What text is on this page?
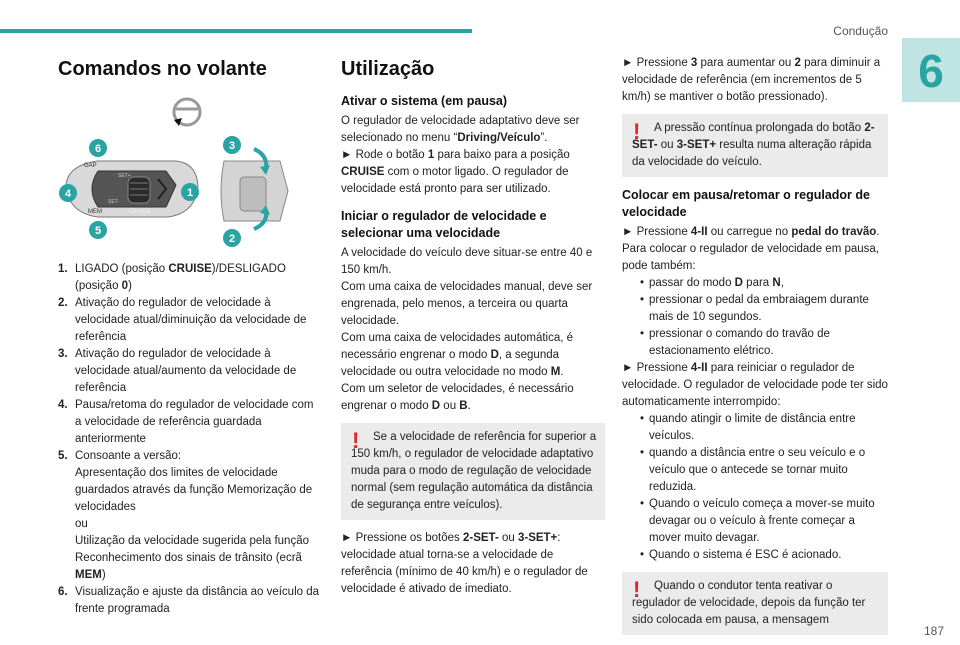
Condução
6
Comandos no volante
GAP
MEM	CRUISE
SET+
SET-
6
4
5
1
3
2
1. LIGADO (posição CRUISE)/DESLIGADO (posição 0)
2. Ativação do regulador de velocidade à velocidade atual/diminuição da velocidade de referência
3. Ativação do regulador de velocidade à velocidade atual/aumento da velocidade de referência
4. Pausa/retoma do regulador de velocidade com a velocidade de referência guardada anteriormente
5. Consoante a versão:
Apresentação dos limites de velocidade guardados através da função Memorização de velocidades
ou
Utilização da velocidade sugerida pela função Reconhecimento dos sinais de trânsito (ecrã MEM)
6. Visualização e ajuste da distância ao veículo da frente programada
Utilização
Ativar o sistema (em pausa)

O regulador de velocidade adaptativo deve ser selecionado no menu “Driving/Veículo”.

► Rode o botão 1 para baixo para a posição CRUISE com o motor ligado. O regulador de velocidade está pronto para ser utilizado.

Iniciar o regulador de velocidade e selecionar uma velocidade

A velocidade do veículo deve situar-se entre 40 e 150 km/h.

Com uma caixa de velocidades manual, deve ser engrenada, pelo menos, a terceira ou quarta velocidade.

Com uma caixa de velocidades automática, é necessário engrenar o modo D, a segunda velocidade ou outra velocidade no modo M.

Com um seletor de velocidades, é necessário engrenar o modo D ou B.

!	Se a velocidade de referência for superior a 150 km/h, o regulador de velocidade adaptativo muda para o modo de regulação de velocidade normal (sem regulação automática da distância de segurança entre veículos).

► Pressione os botões 2-SET- ou 3-SET+: velocidade atual torna-se a velocidade de referência (mínimo de 40 km/h) e o regulador de velocidade é ativado de imediato.

► Pressione 3 para aumentar ou 2 para diminuir a velocidade de referência (em incrementos de 5 km/h) se mantiver o botão pressionado).

!	A pressão contínua prolongada do botão 2-SET- ou 3-SET+ resulta numa alteração rápida da velocidade do veículo.
Colocar em pausa/retomar o regulador de velocidade

► Pressione 4-II ou carregue no pedal do travão.

Para colocar o regulador de velocidade em pausa, pode também:

• passar do modo D para N,
• pressionar o pedal da embraiagem durante mais de 10 segundos.
• pressionar o comando do travão de estacionamento elétrico.

► Pressione 4-II para reiniciar o regulador de velocidade. O regulador de velocidade pode ter sido automaticamente interrompido:

• quando atingir o limite de distância entre veículos.
• quando a distância entre o seu veículo e o veículo que o antecede se tornar muito reduzida.
• Quando o veículo começa a mover-se muito devagar ou o veículo à frente começar a mover muito devagar.
• Quando o sistema é ESC é acionado.
!	Quando o condutor tenta reativar o regulador de velocidade, depois da função ter sido colocada em pausa, a mensagem
187
